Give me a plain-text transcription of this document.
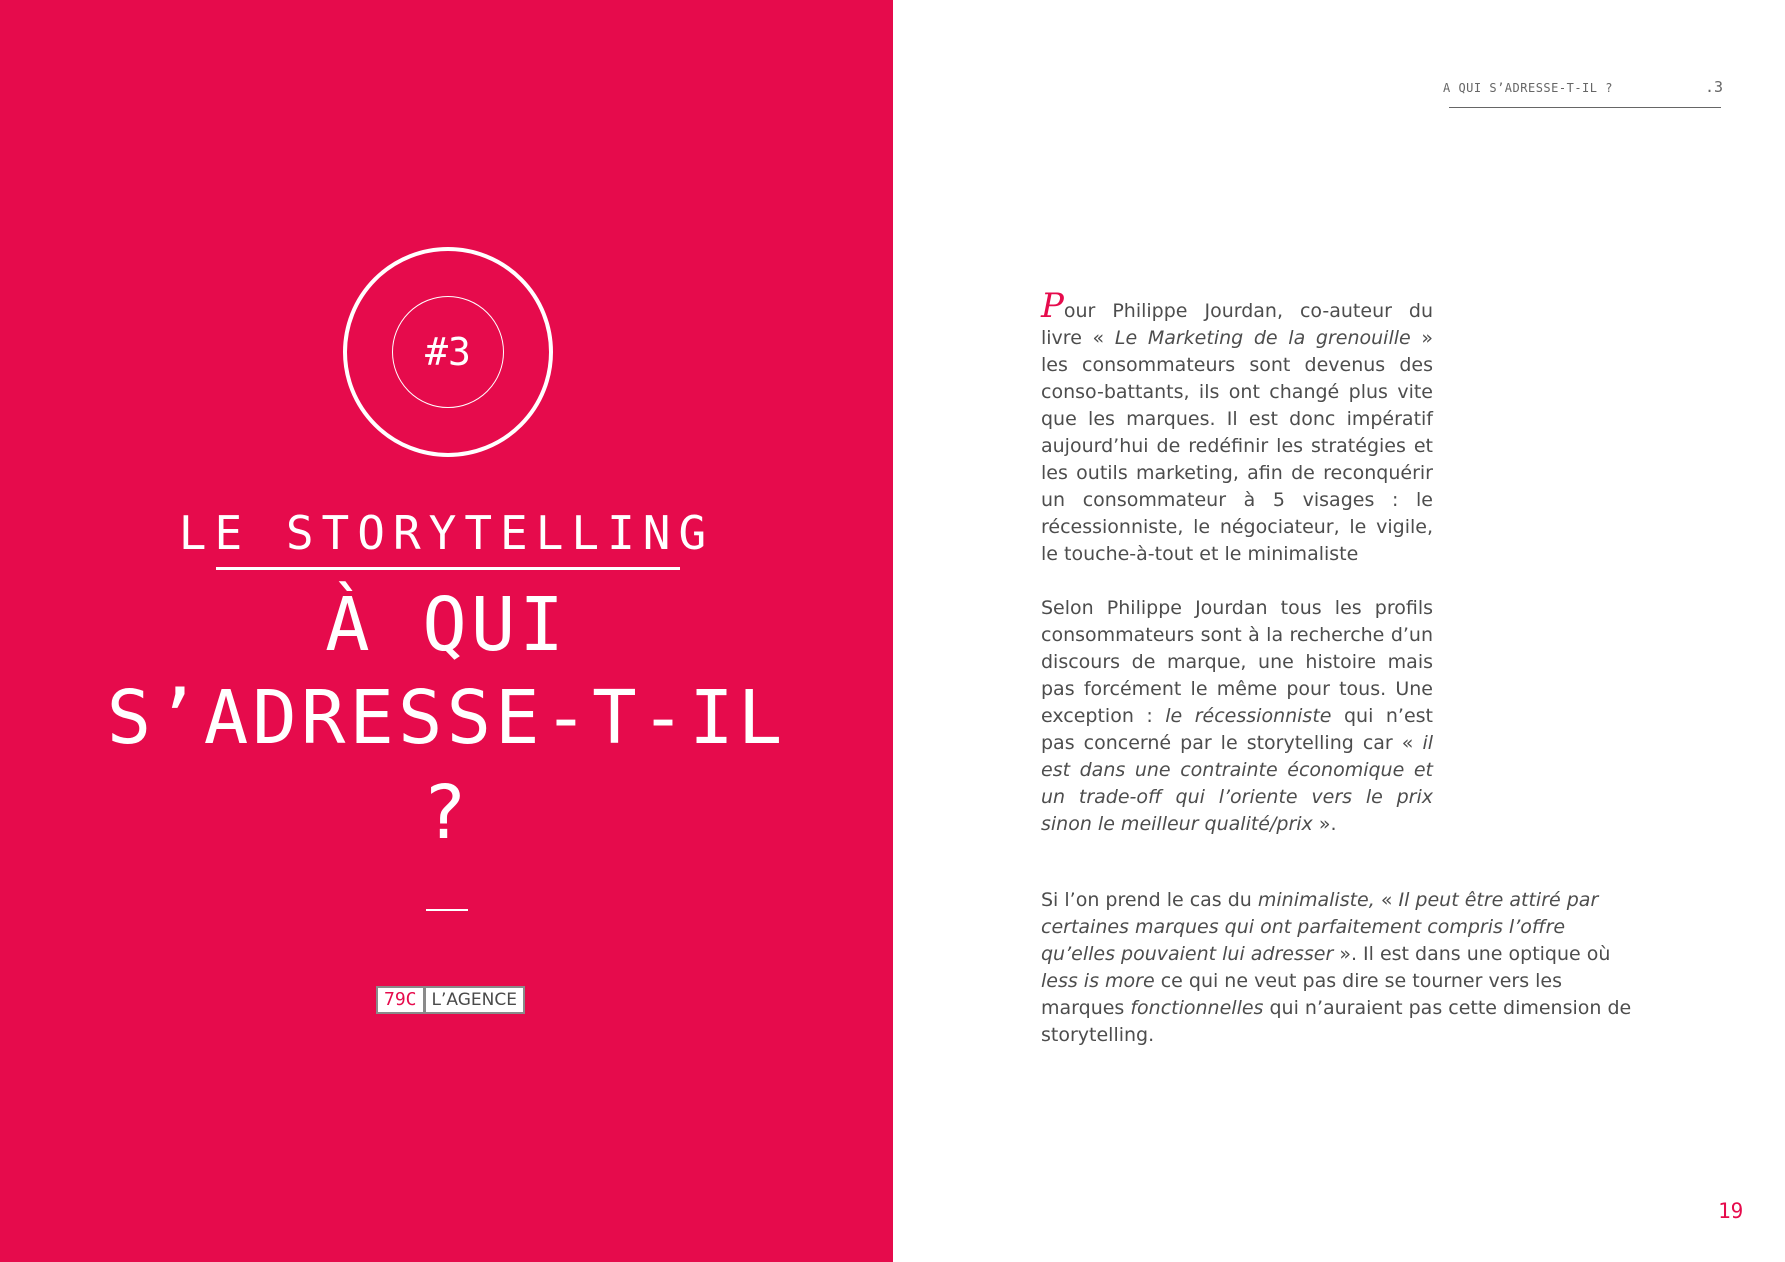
#3
LE STORYTELLING
À QUI
S’ADRESSE-T-IL
?
79C L’AGENCE
A QUI S’ADRESSE-T-IL ?	.3
Pour Philippe Jourdan, co-auteur du livre « Le Marketing de la grenouille » les consommateurs sont devenus des conso-battants, ils ont changé plus vite que les marques. Il est donc impératif aujourd’hui de redéfinir les stratégies et les outils marketing, afin de reconquérir un consommateur à 5 visages : le récessionniste, le négociateur, le vigile, le touche-à-tout et le minimaliste
Selon Philippe Jourdan tous les profils consommateurs sont à la recherche d’un discours de marque, une histoire mais pas forcément le même pour tous. Une exception : le récessionniste qui n’est pas concerné par le storytelling car « il est dans une contrainte économique et un trade-off qui l’oriente vers le prix sinon le meilleur qualité/prix ».
Si l’on prend le cas du minimaliste, « Il peut être attiré par certaines marques qui ont parfaitement compris l’offre qu’elles pouvaient lui adresser ». Il est dans une optique où less is more ce qui ne veut pas dire se tourner vers les marques fonctionnelles qui n’auraient pas cette dimension de storytelling.
19
